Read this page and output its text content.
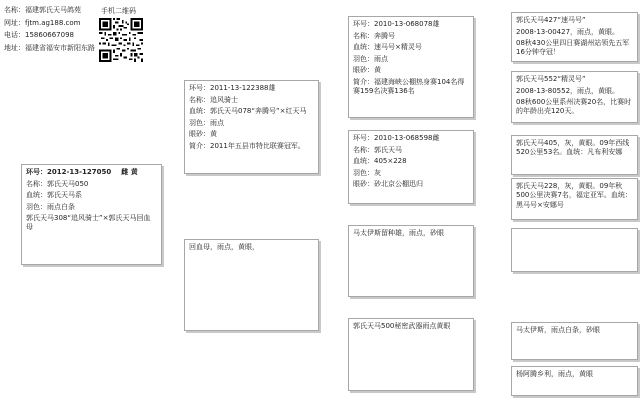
名称：福建郭氏天马鸽苑
网址：fjtm.ag188.com
电话：15860667098
地址：福建省福安市新阳东路
手机二维码
环号：2012-13-127050 雌 黄
名称：郭氏天马050
血统：郭氏天马系
羽色：雨点白条
郭氏天马308“追风骑士”×郭氏天马回血母
环号：2011-13-122388雄
名称：追风骑士
血统：郭氏天马078“奔腾号”×红天马
羽色：雨点
眼砂：黄
简介：2011年五县市特比联赛冠军。
回血母，雨点，黄眼，
环号：2010-13-068078雄
名称：奔腾号
血统：速马号×精灵号
羽色：雨点
眼砂：黄
简介：福建海峡公棚热身赛104名得赛159名决赛136名
环号：2010-13-068598雌
名称：郭氏天马
血统：405×228
羽色：灰
眼砂：砂北京公棚迅归
马太伊斯留种雄，雨点，砂眼
郭氏天马500秘密武器雨点黄眼
郭氏天马427“速马号”
2008-13-00427，雨点，黄眼。
08秋430公里四日赛湖州站领先五军16分钟夺冠！
郭氏天马552“精灵号”
2008-13-80552，雨点，黄眼。
08秋600公里系州决赛20名，比赛时的年龄出壳120天。
郭氏天马405，灰，黄眼。09年西线520公里53名。血统：凡布利安娜
郭氏天马228，灰，黄眼。09年秋500公里决赛7名，福定亚军。血统：黑马号×安娜号
马太伊斯，雨点白条，砂眼
杨阿腾乡利，雨点，黄眼
